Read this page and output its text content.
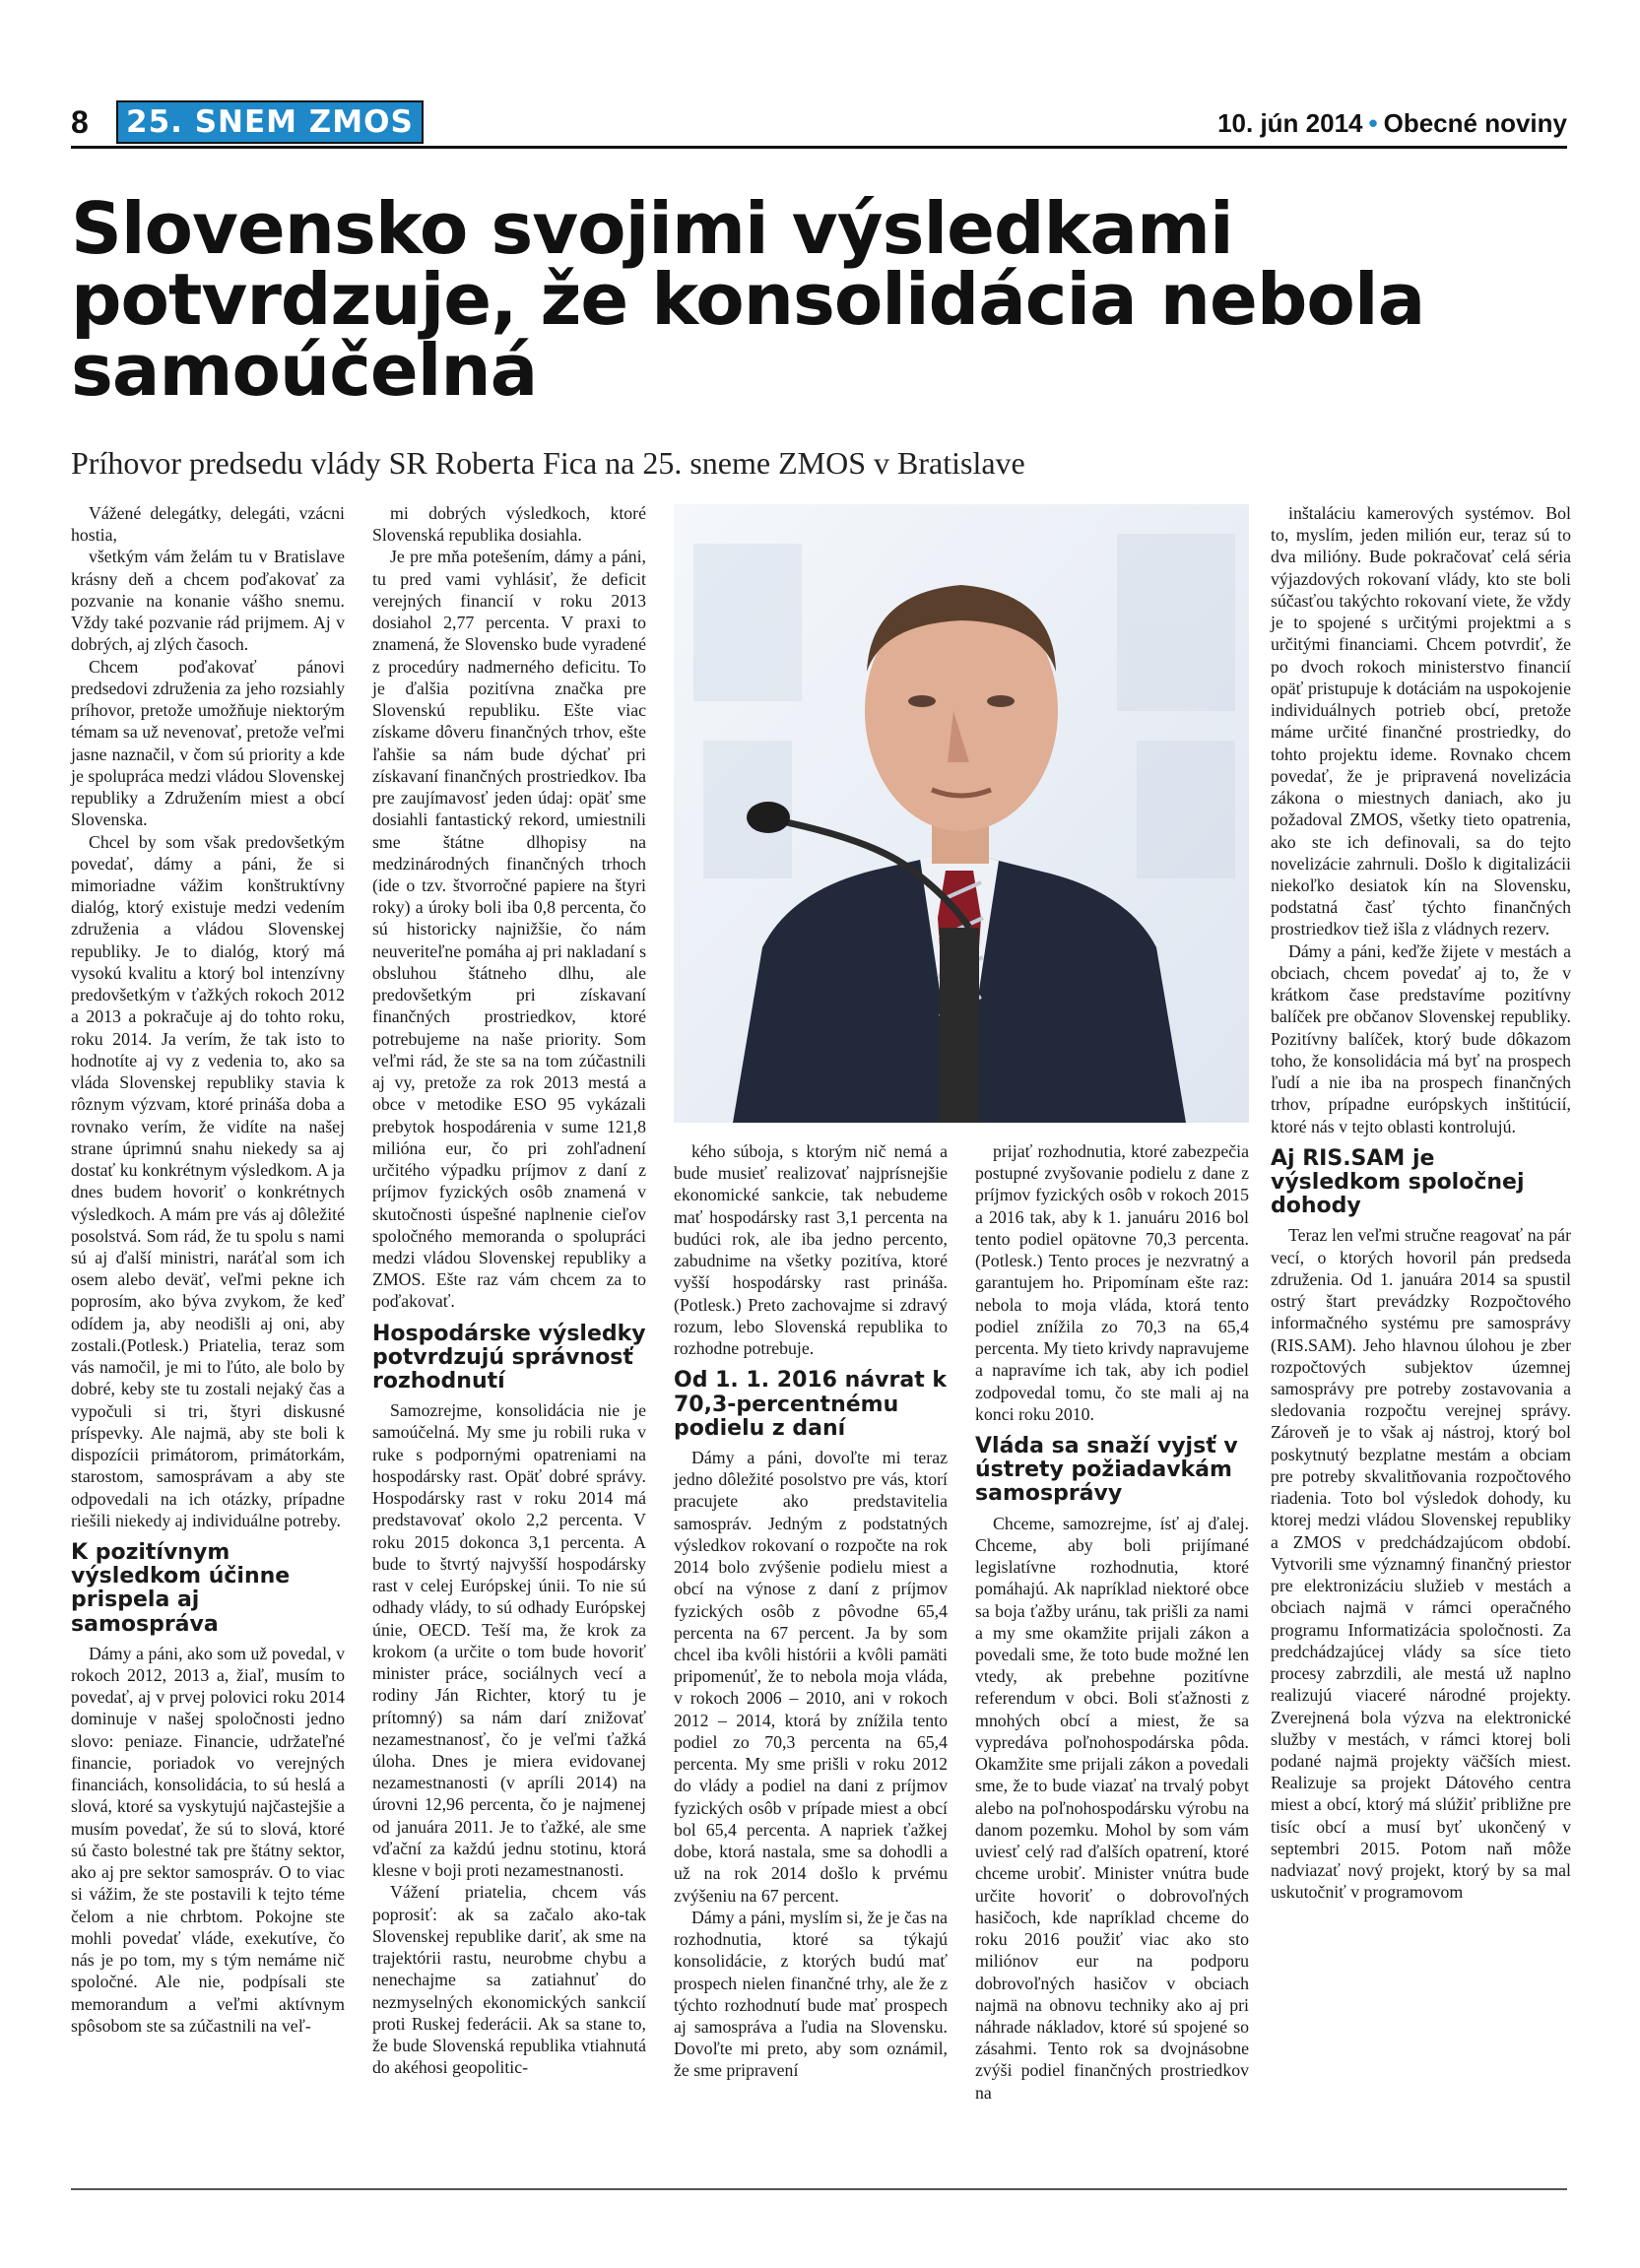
8	25. SNEM ZMOS	10. jún 2014 • Obecné noviny
Slovensko svojimi výsledkami potvrdzuje, že konsolidácia nebola samoúčelná
Príhovor predsedu vlády SR Roberta Fica na 25. sneme ZMOS v Bratislave

Vážené delegátky, delegáti, vzácni hostia,

všetkým vám želám tu v Bratislave krásny deň a chcem poďakovať za pozvanie na konanie vášho snemu. Vždy také pozvanie rád prijmem. Aj v dobrých, aj zlých časoch.

Chcem poďakovať pánovi predsedovi združenia za jeho rozsiahly príhovor, pretože umožňuje niektorým témam sa už nevenovať, pretože veľmi jasne naznačil, v čom sú priority a kde je spolupráca medzi vládou Slovenskej republiky a Združením miest a obcí Slovenska.

Chcel by som však predovšetkým povedať, dámy a páni, že si mimoriadne vážim konštruktívny dialóg, ktorý existuje medzi vedením združenia a vládou Slovenskej republiky. Je to dialóg, ktorý má vysokú kvalitu a ktorý bol intenzívny predovšetkým v ťažkých rokoch 2012 a 2013 a pokračuje aj do tohto roku, roku 2014. Ja verím, že tak isto to hodnotíte aj vy z vedenia to, ako sa vláda Slovenskej republiky stavia k rôznym výzvam, ktoré prináša doba a rovnako verím, že vidíte na našej strane úprimnú snahu niekedy sa aj dostať ku konkrétnym výsledkom. A ja dnes budem hovoriť o konkrétnych výsledkoch. A mám pre vás aj dôležité posolstvá. Som rád, že tu spolu s nami sú aj ďalší ministri, naráťal som ich osem alebo deväť, veľmi pekne ich poprosím, ako býva zvykom, že keď odídem ja, aby neodišli aj oni, aby zostali.(Potlesk.) Priatelia, teraz som vás namočil, je mi to ľúto, ale bolo by dobré, keby ste tu zostali nejaký čas a vypočuli si tri, štyri diskusné príspevky. Ale najmä, aby ste boli k dispozícii primátorom, primátorkám, starostom, samosprávam a aby ste odpovedali na ich otázky, prípadne riešili niekedy aj individuálne potreby.

K pozitívnym výsledkom účinne prispela aj samospráva

Dámy a páni, ako som už povedal, v rokoch 2012, 2013 a, žiaľ, musím to povedať, aj v prvej polovici roku 2014 dominuje v našej spoločnosti jedno slovo: peniaze. Financie, udržateľné financie, poriadok vo verejných financiách, konsolidácia, to sú heslá a slová, ktoré sa vyskytujú najčastejšie a musím povedať, že sú to slová, ktoré sú často bolestné tak pre štátny sektor, ako aj pre sektor samospráv. O to viac si vážim, že ste postavili k tejto téme čelom a nie chrbtom. Pokojne ste mohli povedať vláde, exekutíve, čo nás je po tom, my s tým nemáme nič spoločné. Ale nie, podpísali ste memorandum a veľmi aktívnym spôsobom ste sa zúčastnili na veľ-

mi dobrých výsledkoch, ktoré Slovenská republika dosiahla.

Je pre mňa potešením, dámy a páni, tu pred vami vyhlásiť, že deficit verejných financií v roku 2013 dosiahol 2,77 percenta. V praxi to znamená, že Slovensko bude vyradené z procedúry nadmerného deficitu. To je ďalšia pozitívna značka pre Slovenskú republiku. Ešte viac získame dôveru finančných trhov, ešte ľahšie sa nám bude dýchať pri získavaní finančných prostriedkov. Iba pre zaujímavosť jeden údaj: opäť sme dosiahli fantastický rekord, umiestnili sme štátne dlhopisy na medzinárodných finančných trhoch (ide o tzv. štvorročné papiere na štyri roky) a úroky boli iba 0,8 percenta, čo sú historicky najnižšie, čo nám neuveriteľne pomáha aj pri nakladaní s obsluhou štátneho dlhu, ale predovšetkým pri získavaní finančných prostriedkov, ktoré potrebujeme na naše priority. Som veľmi rád, že ste sa na tom zúčastnili aj vy, pretože za rok 2013 mestá a obce v metodike ESO 95 vykázali prebytok hospodárenia v sume 121,8 milióna eur, čo pri zohľadnení určitého výpadku príjmov z daní z príjmov fyzických osôb znamená v skutočnosti úspešné naplnenie cieľov spoločného memoranda o spolupráci medzi vládou Slovenskej republiky a ZMOS. Ešte raz vám chcem za to poďakovať.

Hospodárske výsledky potvrdzujú správnosť rozhodnutí

Samozrejme, konsolidácia nie je samoúčelná. My sme ju robili ruka v ruke s podpornými opatreniami na hospodársky rast. Opäť dobré správy. Hospodársky rast v roku 2014 má predstavovať okolo 2,2 percenta. V roku 2015 dokonca 3,1 percenta. A bude to štvrtý najvyšší hospodársky rast v celej Európskej únii. To nie sú odhady vlády, to sú odhady Európskej únie, OECD. Teší ma, že krok za krokom (a určite o tom bude hovoriť minister práce, sociálnych vecí a rodiny Ján Richter, ktorý tu je prítomný) sa nám darí znižovať nezamestnanosť, čo je veľmi ťažká úloha. Dnes je miera evidovanej nezamestnanosti (v apríli 2014) na úrovni 12,96 percenta, čo je najmenej od januára 2011. Je to ťažké, ale sme vďační za každú jednu stotinu, ktorá klesne v boji proti nezamestnanosti.

Vážení priatelia, chcem vás poprosiť: ak sa začalo ako-tak Slovenskej republike dariť, ak sme na trajektórii rastu, neurobme chybu a nenechajme sa zatiahnuť do nezmyselných ekonomických sankcií proti Ruskej federácii. Ak sa stane to, že bude Slovenská republika vtiahnutá do akéhosi geopolitic-

kého súboja, s ktorým nič nemá a bude musieť realizovať najprísnejšie ekonomické sankcie, tak nebudeme mať hospodársky rast 3,1 percenta na budúci rok, ale iba jedno percento, zabudnime na všetky pozitíva, ktoré vyšší hospodársky rast prináša. (Potlesk.) Preto zachovajme si zdravý rozum, lebo Slovenská republika to rozhodne potrebuje.

Od 1. 1. 2016 návrat k 70,3-percentnému podielu z daní

Dámy a páni, dovoľte mi teraz jedno dôležité posolstvo pre vás, ktorí pracujete ako predstavitelia samospráv. Jedným z podstatných výsledkov rokovaní o rozpočte na rok 2014 bolo zvýšenie podielu miest a obcí na výnose z daní z príjmov fyzických osôb z pôvodne 65,4 percenta na 67 percent. Ja by som chcel iba kvôli histórii a kvôli pamäti pripomenúť, že to nebola moja vláda, v rokoch 2006 – 2010, ani v rokoch 2012 – 2014, ktorá by znížila tento podiel zo 70,3 percenta na 65,4 percenta. My sme prišli v roku 2012 do vlády a podiel na dani z príjmov fyzických osôb v prípade miest a obcí bol 65,4 percenta. A napriek ťažkej dobe, ktorá nastala, sme sa dohodli a už na rok 2014 došlo k prvému zvýšeniu na 67 percent.

Dámy a páni, myslím si, že je čas na rozhodnutia, ktoré sa týkajú konsolidácie, z ktorých budú mať prospech nielen finančné trhy, ale že z týchto rozhodnutí bude mať prospech aj samospráva a ľudia na Slovensku. Dovoľte mi preto, aby som oznámil, že sme pripravení

prijať rozhodnutia, ktoré zabezpečia postupné zvyšovanie podielu z dane z príjmov fyzických osôb v rokoch 2015 a 2016 tak, aby k 1. januáru 2016 bol tento podiel opätovne 70,3 percenta. (Potlesk.) Tento proces je nezvratný a garantujem ho. Pripomínam ešte raz: nebola to moja vláda, ktorá tento podiel znížila zo 70,3 na 65,4 percenta. My tieto krivdy napravujeme a napravíme ich tak, aby ich podiel zodpovedal tomu, čo ste mali aj na konci roku 2010.

Vláda sa snaží vyjsť v ústrety požiadavkám samosprávy

Chceme, samozrejme, ísť aj ďalej. Chceme, aby boli prijímané legislatívne rozhodnutia, ktoré pomáhajú. Ak napríklad niektoré obce sa boja ťažby uránu, tak prišli za nami a my sme okamžite prijali zákon a povedali sme, že toto bude možné len vtedy, ak prebehne pozitívne referendum v obci. Boli sťažnosti z mnohých obcí a miest, že sa vypredáva poľnohospodárska pôda. Okamžite sme prijali zákon a povedali sme, že to bude viazať na trvalý pobyt alebo na poľnohospodársku výrobu na danom pozemku. Mohol by som vám uviesť celý rad ďalších opatrení, ktoré chceme urobiť. Minister vnútra bude určite hovoriť o dobrovoľných hasičoch, kde napríklad chceme do roku 2016 použiť viac ako sto miliónov eur na podporu dobrovoľných hasičov v obciach najmä na obnovu techniky ako aj pri náhrade nákladov, ktoré sú spojené so zásahmi. Tento rok sa dvojnásobne zvýši podiel finančných prostriedkov na

inštaláciu kamerových systémov. Bol to, myslím, jeden milión eur, teraz sú to dva milióny. Bude pokračovať celá séria výjazdových rokovaní vlády, kto ste boli súčasťou takýchto rokovaní viete, že vždy je to spojené s určitými projektmi a s určitými financiami. Chcem potvrdiť, že po dvoch rokoch ministerstvo financií opäť pristupuje k dotáciám na uspokojenie individuálnych potrieb obcí, pretože máme určité finančné prostriedky, do tohto projektu ideme. Rovnako chcem povedať, že je pripravená novelizácia zákona o miestnych daniach, ako ju požadoval ZMOS, všetky tieto opatrenia, ako ste ich definovali, sa do tejto novelizácie zahrnuli. Došlo k digitalizácii niekoľko desiatok kín na Slovensku, podstatná časť týchto finančných prostriedkov tiež išla z vládnych rezerv.

Dámy a páni, keďže žijete v mestách a obciach, chcem povedať aj to, že v krátkom čase predstavíme pozitívny balíček pre občanov Slovenskej republiky. Pozitívny balíček, ktorý bude dôkazom toho, že konsolidácia má byť na prospech ľudí a nie iba na prospech finančných trhov, prípadne európskych inštitúcií, ktoré nás v tejto oblasti kontrolujú.

Aj RIS.SAM je výsledkom spoločnej dohody

Teraz len veľmi stručne reagovať na pár vecí, o ktorých hovoril pán predseda združenia. Od 1. januára 2014 sa spustil ostrý štart prevádzky Rozpočtového informačného systému pre samosprávy (RIS.SAM). Jeho hlavnou úlohou je zber rozpočtových subjektov územnej samosprávy pre potreby zostavovania a sledovania rozpočtu verejnej správy. Zároveň je to však aj nástroj, ktorý bol poskytnutý bezplatne mestám a obciam pre potreby skvalitňovania rozpočtového riadenia. Toto bol výsledok dohody, ku ktorej medzi vládou Slovenskej republiky a ZMOS v predchádzajúcom období. Vytvorili sme významný finančný priestor pre elektronizáciu služieb v mestách a obciach najmä v rámci operačného programu Informatizácia spoločnosti. Za predchádzajúcej vlády sa síce tieto procesy zabrzdili, ale mestá už naplno realizujú viaceré národné projekty. Zverejnená bola výzva na elektronické služby v mestách, v rámci ktorej boli podané najmä projekty väčších miest. Realizuje sa projekt Dátového centra miest a obcí, ktorý má slúžiť približne pre tisíc obcí a musí byť ukončený v septembri 2015. Potom naň môže nadviazať nový projekt, ktorý by sa mal uskutočniť v programovom
